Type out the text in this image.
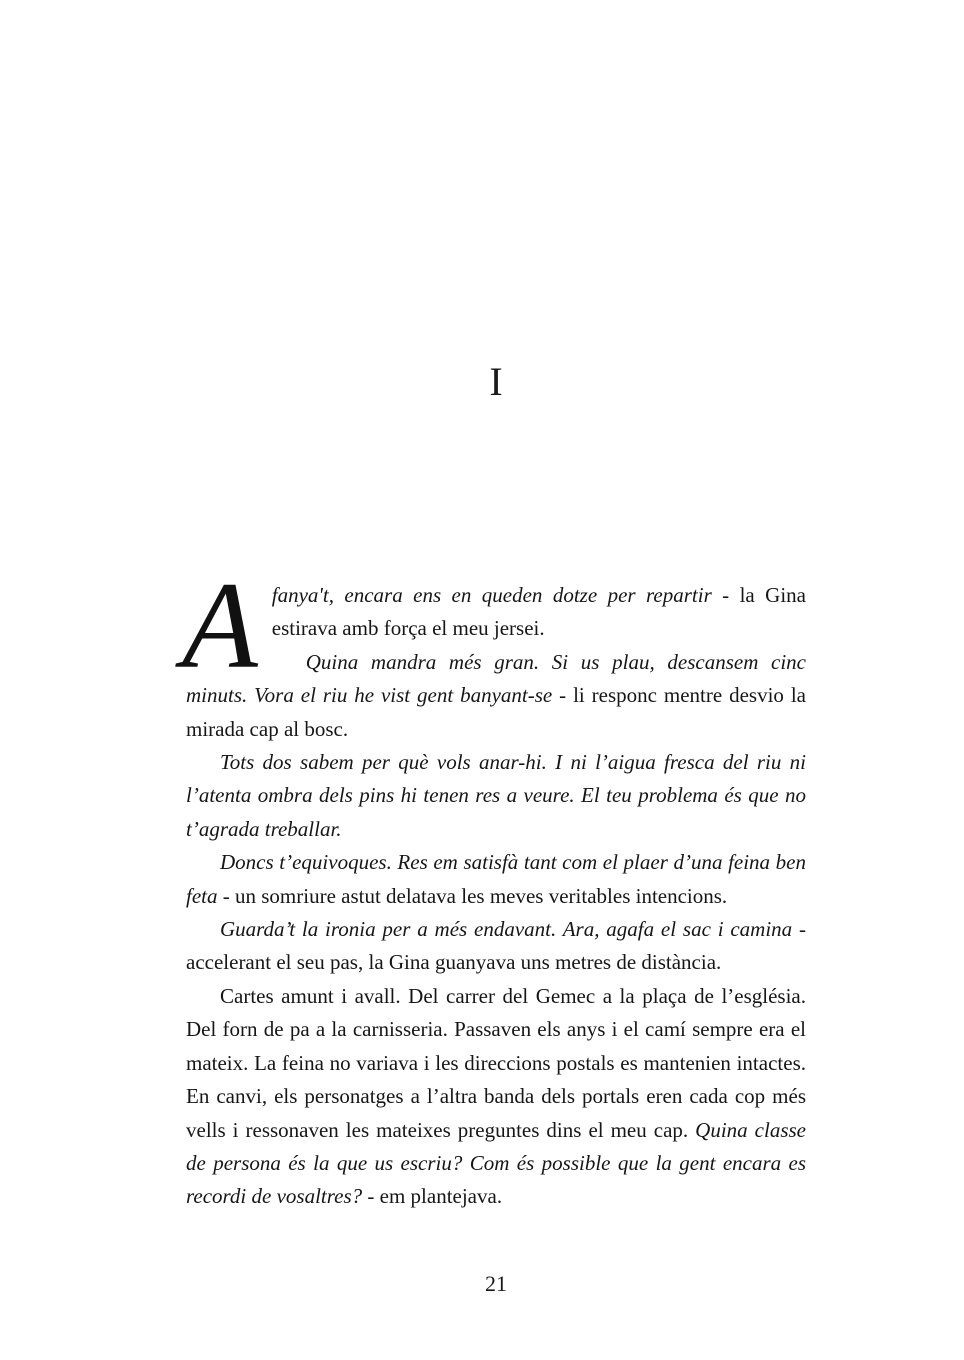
I

Afanya't, encara ens en queden dotze per repartir - la Gina estirava amb força el meu jersei.

Quina mandra més gran. Si us plau, descansem cinc minuts. Vora el riu he vist gent banyant-se - li responc mentre desvio la mirada cap al bosc.

Tots dos sabem per què vols anar-hi. I ni l’aigua fresca del riu ni l’atenta ombra dels pins hi tenen res a veure. El teu problema és que no t’agrada treballar.

Doncs t’equivoques. Res em satisfà tant com el plaer d’una feina ben feta - un somriure astut delatava les meves veritables intencions.

Guarda’t la ironia per a més endavant. Ara, agafa el sac i camina - accelerant el seu pas, la Gina guanyava uns metres de distància.

Cartes amunt i avall. Del carrer del Gemec a la plaça de l’església. Del forn de pa a la carnisseria. Passaven els anys i el camí sempre era el mateix. La feina no variava i les direccions postals es mantenien intactes. En canvi, els personatges a l’altra banda dels portals eren cada cop més vells i ressonaven les mateixes preguntes dins el meu cap. Quina classe de persona és la que us escriu? Com és possible que la gent encara es recordi de vosaltres? - em plantejava.

21
